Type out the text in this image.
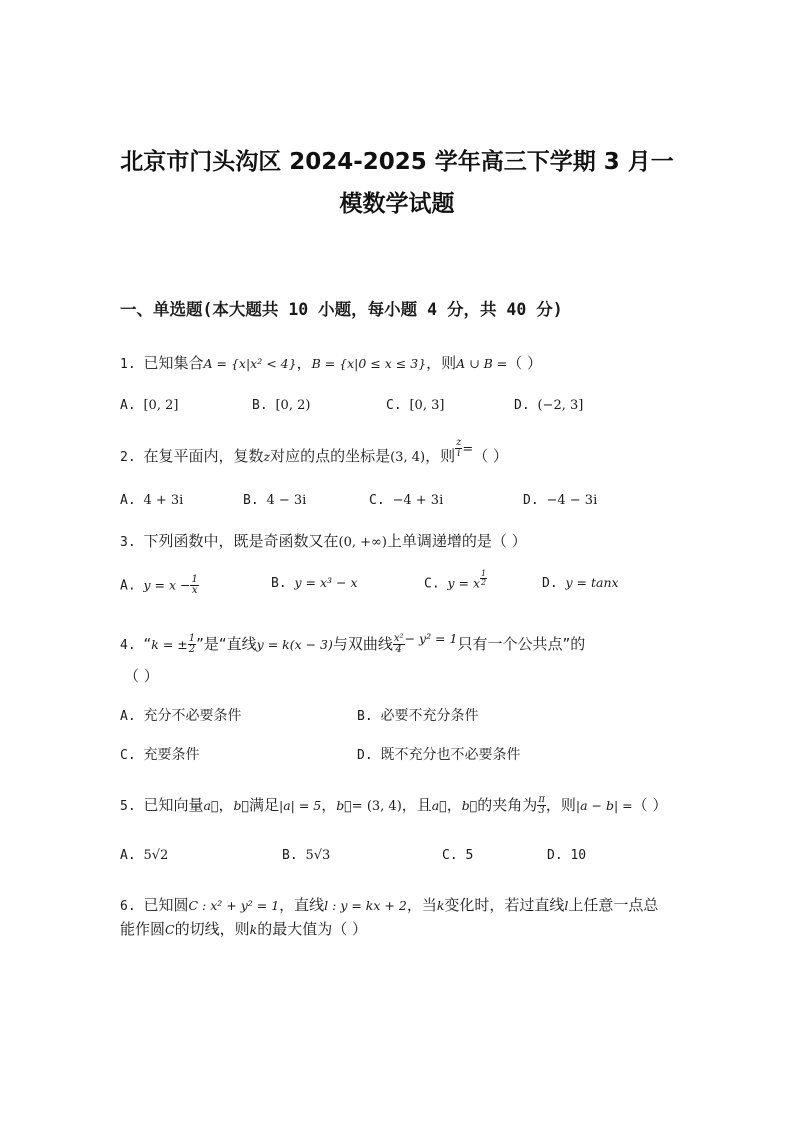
北京市门头沟区 2024-2025 学年高三下学期 3 月一
模数学试题
一、单选题(本大题共 10 小题，每小题 4 分，共 40 分)
1. 已知集合A = {x|x² < 4}，B = {x|0 ≤ x ≤ 3}，则A ∪ B =（ ）
A. [0, 2]	B. [0, 2)	C. [0, 3]	D. (−2, 3]
2. 在复平面内，复数z对应的点的坐标是(3, 4)，则 $\frac{z}{i}$ =（ ）
A. 4 + 3i	B. 4 − 3i	C. −4 + 3i	D. −4 − 3i
3. 下列函数中，既是奇函数又在(0, +∞)上单调递增的是（ ）
A. $y = x - \frac{1}{x}$	B. y = x³ − x	C. y = x $\frac{1}{2}$	D. y = tanx
4. “k = ± $\frac{1}{2}$ ”是“直线y = k(x − 3)与双曲线 $\frac{\text{x²}}{4} ^{- y^2 = 1}$只有一个公共点”的
（ ）
A. 充分不必要条件	B. 必要不充分条件
C. 充要条件	D. 既不充分也不必要条件
5. 已知向量a⃗，b⃗满足|a| = 5，b⃗= (3, 4)，且a⃗，b⃗的夹角为 $\frac{\pi}{3}$ ，则|a − b| =（ ）
A. 5√2	B. 5√3	C. 5	D. 10
6. 已知圆C : x² + y² = 1，直线l : y = kx + 2，当k变化时，若过直线l上任意一点总
能作圆C的切线，则k的最大值为（ ）
